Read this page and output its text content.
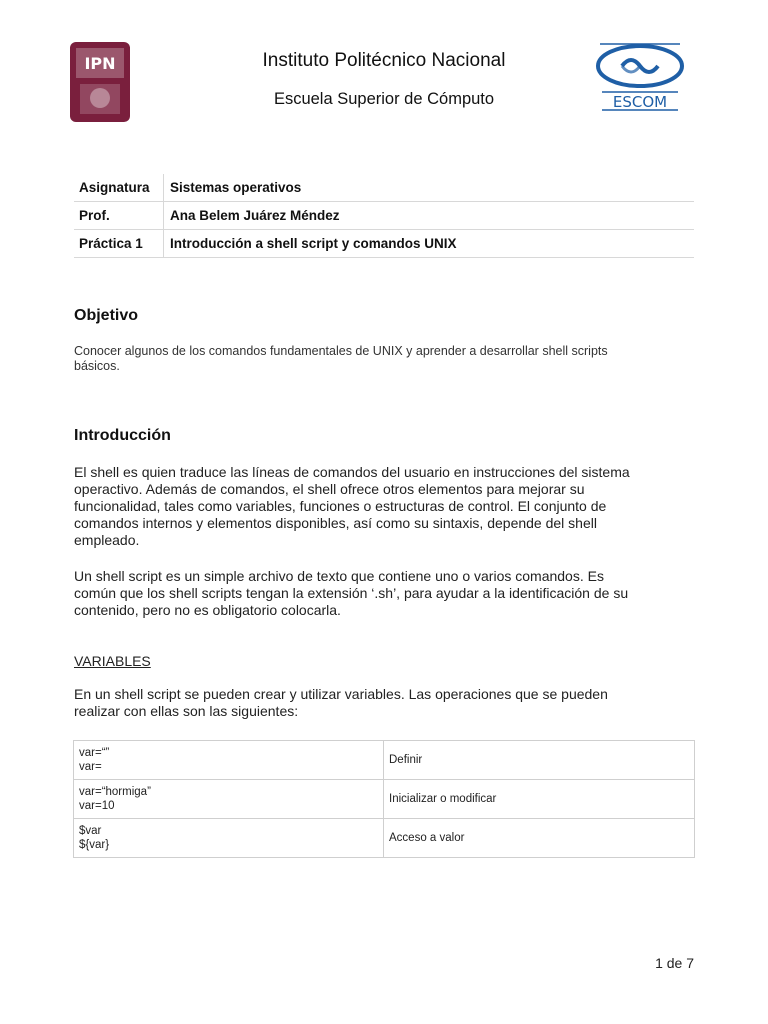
IPN
ESCOM
Instituto Politécnico Nacional
Escuela Superior de Cómputo
Asignatura	Sistemas operativos
Prof.	Ana Belem Juárez Méndez
Práctica 1	Introducción a shell script y comandos UNIX
Objetivo
Conocer algunos de los comandos fundamentales de UNIX y aprender a desarrollar shell scripts
básicos.
Introducción
El shell es quien traduce las líneas de comandos del usuario en instrucciones del sistema
operactivo. Además de comandos, el shell ofrece otros elementos para mejorar su
funcionalidad, tales como variables, funciones o estructuras de control. El conjunto de
comandos internos y elementos disponibles, así como su sintaxis, depende del shell
empleado.
Un shell script es un simple archivo de texto que contiene uno o varios comandos. Es
común que los shell scripts tengan la extensión ‘.sh’, para ayudar a la identificación de su
contenido, pero no es obligatorio colocarla.
VARIABLES
En un shell script se pueden crear y utilizar variables. Las operaciones que se pueden
realizar con ellas son las siguientes:
var=“”
var=	Definir

var=“hormiga”
var=10	Inicializar o modificar

$var
${var}	Acceso a valor
1 de 7
